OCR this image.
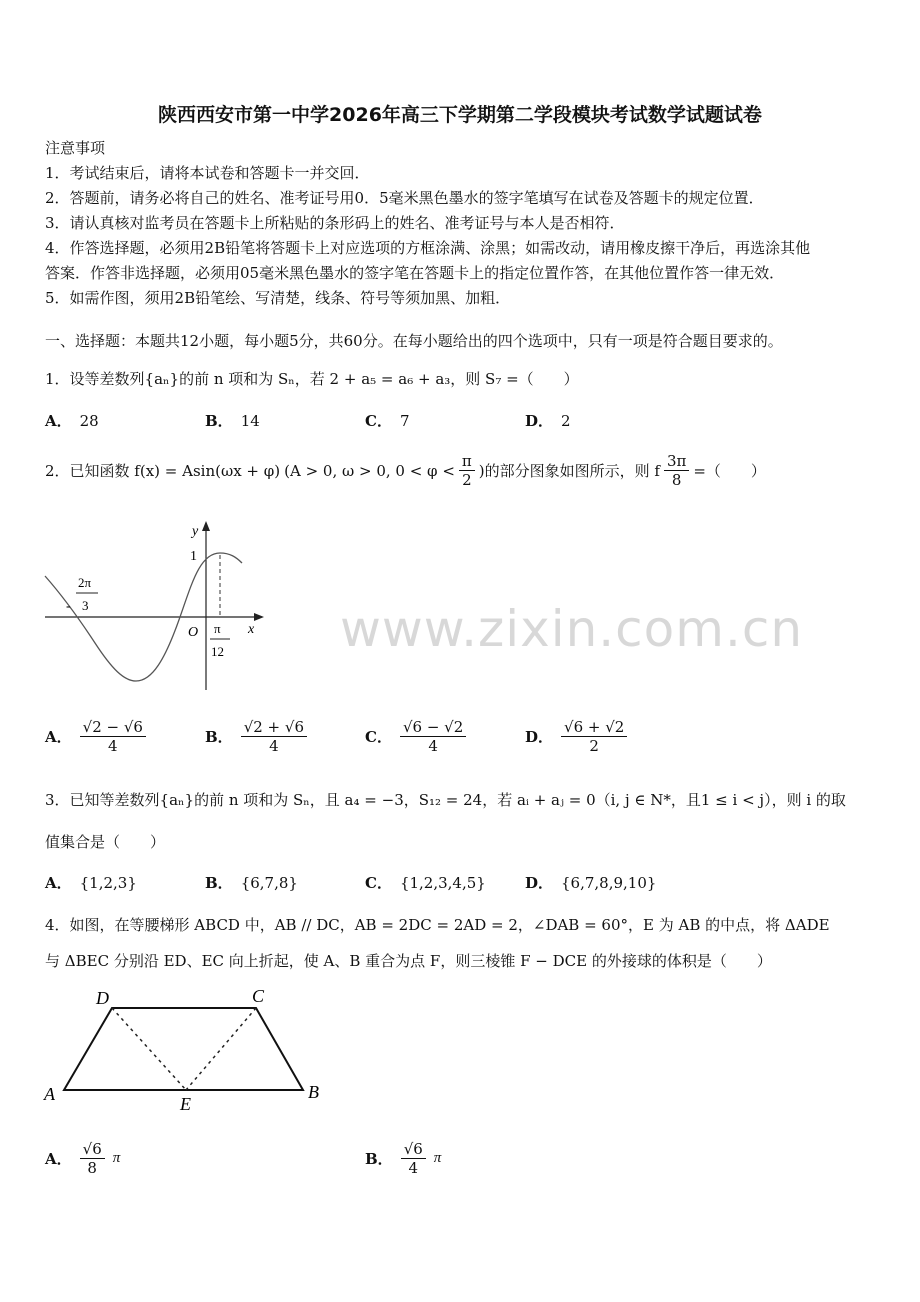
陕西西安市第一中学2026年高三下学期第二学段模块考试数学试题试卷

注意事项

1．考试结束后，请将本试卷和答题卡一并交回．

2．答题前，请务必将自己的姓名、准考证号用0．5毫米黑色墨水的签字笔填写在试卷及答题卡的规定位置．

3．请认真核对监考员在答题卡上所粘贴的条形码上的姓名、准考证号与本人是否相符．

4．作答选择题，必须用2B铅笔将答题卡上对应选项的方框涂满、涂黑；如需改动，请用橡皮擦干净后，再选涂其他

答案．作答非选择题，必须用05毫米黑色墨水的签字笔在答题卡上的指定位置作答，在其他位置作答一律无效．

5．如需作图，须用2B铅笔绘、写清楚，线条、符号等须加黑、加粗．

一、选择题：本题共12小题，每小题5分，共60分。在每小题给出的四个选项中，只有一项是符合题目要求的。
1．设等差数列{aₙ}的前 n 项和为 Sₙ，若 2 + a₅ = a₆ + a₃，则 S₇ =（　　）
A． 28	B． 14	C． 7	D． 2
2．已知函数 f(x) = Asin(ωx + φ) (A > 0, ω > 0, $0 < \varphi < \frac{\pi}{2}$ )的部分图象如图所示，则 f $\frac{3\pi}{8}$ =（　　）
y
x
O
1
-
2π
3
π
12 www.zixin.com.cn
A． $\frac{√2 - √6}{4}$	B． $\frac{√2 + √6}{4}$	C． $\frac{√6 - √2}{4}$	D． $\frac{√6 + √2}{2}$
3．已知等差数列{aₙ}的前 n 项和为 Sₙ，且 a₄ = −3，S₁₂ = 24，若 aᵢ + aⱼ = 0（i, j ∈ N*，且1 ≤ i < j），则 i 的取
值集合是（　　）
A． {1,2,3}	B． {6,7,8}	C． {1,2,3,4,5}	D． {6,7,8,9,10}
4．如图，在等腰梯形 ABCD 中，AB // DC，AB = 2DC = 2AD = 2，∠DAB = 60°，E 为 AB 的中点，将 ΔADE
与 ΔBEC 分别沿 ED、EC 向上折起，使 A、B 重合为点 F，则三棱锥 F − DCE 的外接球的体积是（　　）
A	B
C
D
E
A． $\frac{√6}{8}$ π	B． $\frac{√6}{4}$ π
